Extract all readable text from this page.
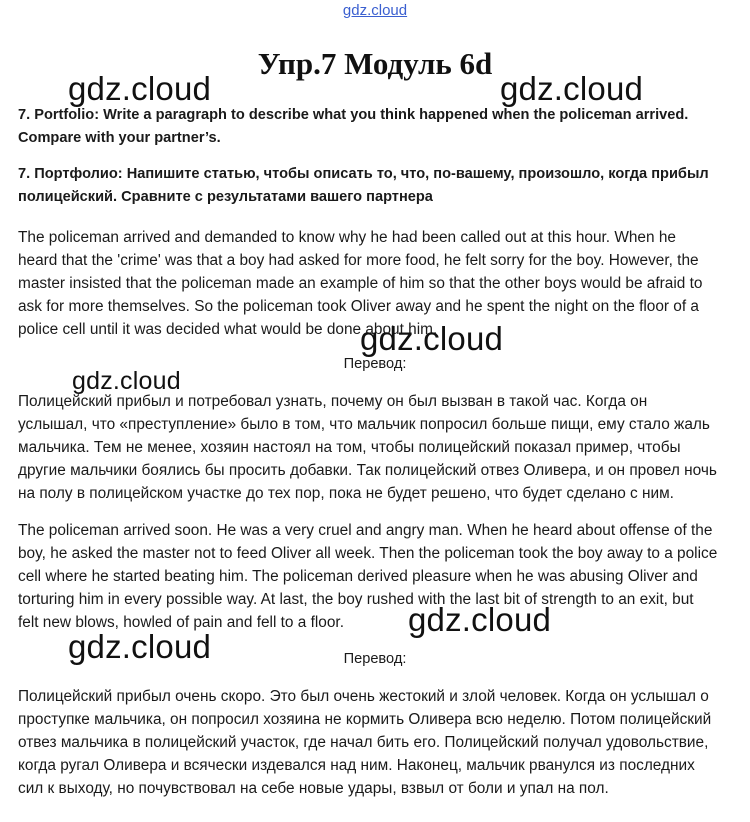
gdz.cloud
Упр.7 Модуль 6d
gdz.cloud	gdz.cloud
7. Portfolio: Write a paragraph to describe what you think happened when the policeman arrived. Compare with your partner’s.
7. Портфолио: Напишите статью, чтобы описать то, что, по-вашему, произошло, когда прибыл полицейский. Сравните с результатами вашего партнера
The policeman arrived and demanded to know why he had been called out at this hour. When he heard that the 'crime' was that a boy had asked for more food, he felt sorry for the boy. However, the master insisted that the policeman made an example of him so that the other boys would be afraid to ask for more themselves. So the policeman took Oliver away and he spent the night on the floor of a police cell until it was decided what would be done about him.
gdz.cloud
Перевод:
gdz.cloud
Полицейский прибыл и потребовал узнать, почему он был вызван в такой час. Когда он услышал, что «преступление» было в том, что мальчик попросил больше пищи, ему стало жаль мальчика. Тем не менее, хозяин настоял на том, чтобы полицейский показал пример, чтобы другие мальчики боялись бы просить добавки. Так полицейский отвез Оливера, и он провел ночь на полу в полицейском участке до тех пор, пока не будет решено, что будет сделано с ним.
The policeman arrived soon. He was a very cruel and angry man. When he heard about offense of the boy, he asked the master not to feed Oliver all week. Then the policeman took the boy away to a police cell where he started beating him. The policeman derived pleasure when he was abusing Oliver and torturing him in every possible way. At last, the boy rushed with the last bit of strength to an exit, but felt new blows, howled of pain and fell to a floor.	gdz.cloud
gdz.cloud	Перевод:
Полицейский прибыл очень скоро. Это был очень жестокий и злой человек. Когда он услышал о проступке мальчика, он попросил хозяина не кормить Оливера всю неделю. Потом полицейский отвез мальчика в полицейский участок, где начал бить его. Полицейский получал удовольствие, когда ругал Оливера и всячески издевался над ним. Наконец, мальчик рванулся из последних сил к выходу, но почувствовал на себе новые удары, взвыл от боли и упал на пол.
